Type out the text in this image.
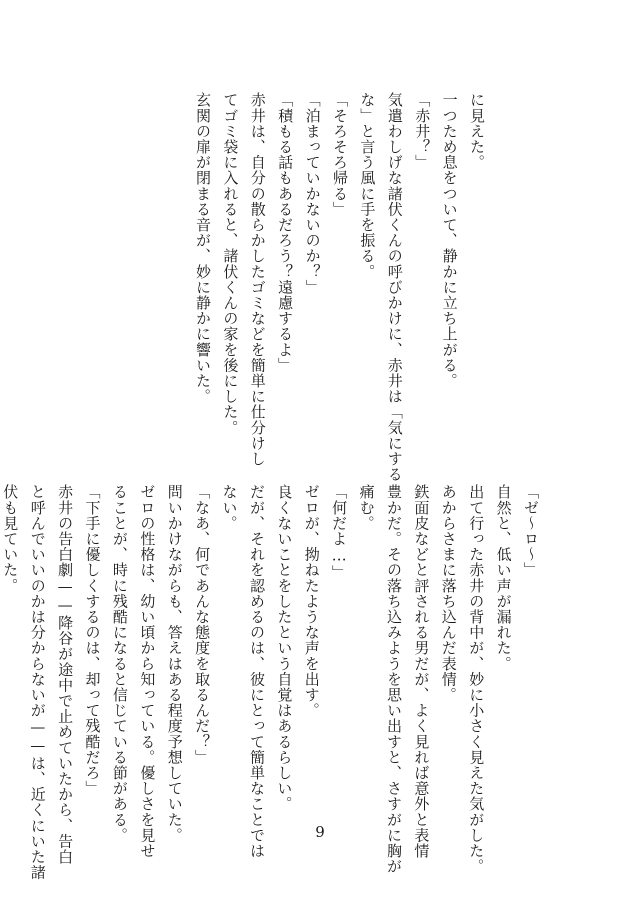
に見えた。
一つため息をついて、静かに立ち上がる。
「赤井？」
気遣わしげな諸伏くんの呼びかけに、赤井は「気にする
な」と言う風に手を振る。
「そろそろ帰る」
「泊まっていかないのか？」
「積もる話もあるだろう？遠慮するよ」
赤井は、自分の散らかしたゴミなどを簡単に仕分けし
てゴミ袋に入れると、諸伏くんの家を後にした。
玄関の扉が閉まる音が、妙に静かに響いた。
「ゼ〜ロ〜」
自然と、低い声が漏れた。
出て行った赤井の背中が、妙に小さく見えた気がした。
あからさまに落ち込んだ表情。
鉄面皮などと評される男だが、よく見れば意外と表情
豊かだ。その落ち込みようを思い出すと、さすがに胸が
痛む。
「何だよ…」
ゼロが、拗ねたような声を出す。
良くないことをしたという自覚はあるらしい。
だが、それを認めるのは、彼にとって簡単なことでは
ない。
「なあ、何であんな態度を取るんだ？」
問いかけながらも、答えはある程度予想していた。
ゼロの性格は、幼い頃から知っている。優しさを見せ
ることが、時に残酷になると信じている節がある。
「下手に優しくするのは、却って残酷だろ」
赤井の告白劇——降谷が途中で止めていたから、告白
と呼んでいいのかは分からないが——は、近くにいた諸
伏も見ていた。
9
